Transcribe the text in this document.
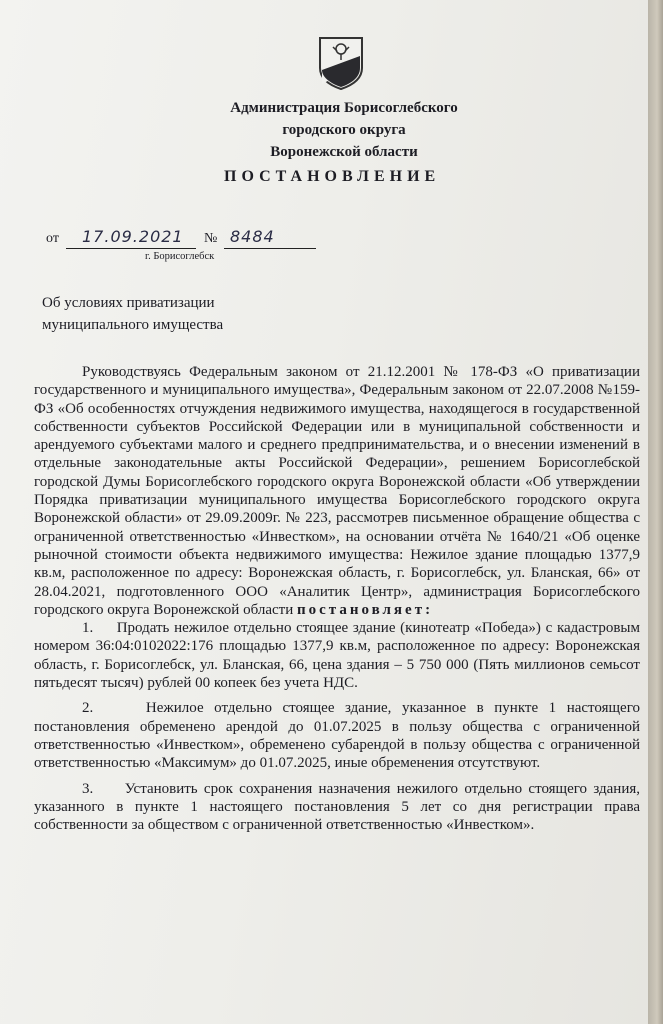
Администрация Борисоглебского
городского округа
Воронежской области
ПОСТАНОВЛЕНИЕ
от 17.09.2021 № 8484
г. Борисоглебск
Об условиях приватизации
муниципального имущества

Руководствуясь Федеральным законом от 21.12.2001 № 178-ФЗ «О приватизации государственного и муниципального имущества», Федеральным законом от 22.07.2008 №159-ФЗ «Об особенностях отчуждения недвижимого имущества, находящегося в государственной собственности субъектов Российской Федерации или в муниципальной собственности и арендуемого субъектами малого и среднего предпринимательства, и о внесении изменений в отдельные законодательные акты Российской Федерации», решением Борисоглебской городской Думы Борисоглебского городского округа Воронежской области «Об утверждении Порядка приватизации муниципального имущества Борисоглебского городского округа Воронежской области» от 29.09.2009г. № 223, рассмотрев письменное обращение общества с ограниченной ответственностью «Инвестком», на основании отчёта № 1640/21 «Об оценке рыночной стоимости объекта недвижимого имущества: Нежилое здание площадью 1377,9 кв.м, расположенное по адресу: Воронежская область, г. Борисоглебск, ул. Бланская, 66» от 28.04.2021, подготовленного ООО «Аналитик Центр», администрация Борисоглебского городского округа Воронежской области постановляет:

1. Продать нежилое отдельно стоящее здание (кинотеатр «Победа») с кадастровым номером 36:04:0102022:176 площадью 1377,9 кв.м, расположенное по адресу: Воронежская область, г. Борисоглебск, ул. Бланская, 66, цена здания – 5 750 000 (Пять миллионов семьсот пятьдесят тысяч) рублей 00 копеек без учета НДС.

2.	Нежилое отдельно стоящее здание, указанное в пункте 1 настоящего постановления обременено арендой до 01.07.2025 в пользу общества с ограниченной ответственностью «Инвестком», обременено субарендой в пользу общества с ограниченной ответственностью «Максимум» до 01.07.2025, иные обременения отсутствуют.

3. Установить срок сохранения назначения нежилого отдельно стоящего здания, указанного в пункте 1 настоящего постановления 5 лет со дня регистрации права собственности за обществом с ограниченной ответственностью «Инвестком».
